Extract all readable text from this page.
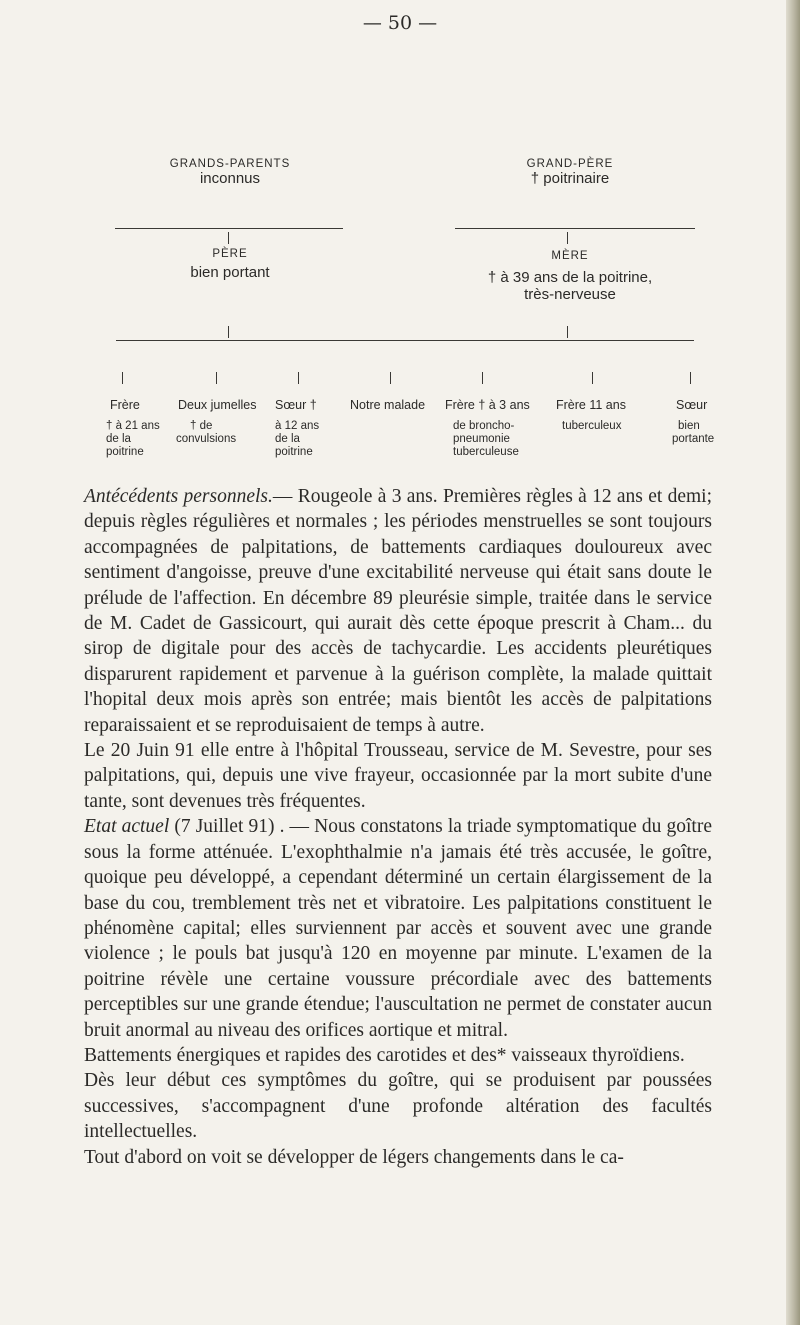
— 50 —
GRANDS-PARENTS
inconnus
GRAND-PÈRE
† poitrinaire
PÈRE
bien portant
MÈRE
† à 39 ans de la poitrine,
très-nerveuse
Frère
† à 21 ans
de la
poitrine
Deux jumelles
† de
convulsions
Sœur †
à 12 ans
de la
poitrine
Notre malade	Frère † à 3 ans
de broncho-
pneumonie
tuberculeuse
Frère 11 ans
tuberculeux
Sœur
bien
portante

Antécédents personnels.— Rougeole à 3 ans. Premières règles à 12 ans et demi; depuis règles régulières et normales ; les périodes menstruelles se sont toujours accompagnées de palpitations, de battements cardiaques douloureux avec sentiment d'angoisse, preuve d'une excitabilité nerveuse qui était sans doute le prélude de l'affection. En décembre 89 pleurésie simple, traitée dans le service de M. Cadet de Gassicourt, qui aurait dès cette époque prescrit à Cham... du sirop de digitale pour des accès de tachycardie. Les accidents pleurétiques disparurent rapidement et parvenue à la guérison complète, la malade quittait l'hopital deux mois après son entrée; mais bientôt les accès de palpitations reparaissaient et se reproduisaient de temps à autre.

Le 20 Juin 91 elle entre à l'hôpital Trousseau, service de M. Sevestre, pour ses palpitations, qui, depuis une vive frayeur, occasionnée par la mort subite d'une tante, sont devenues très fréquentes.

Etat actuel (7 Juillet 91) . — Nous constatons la triade symptomatique du goître sous la forme atténuée. L'exophthalmie n'a jamais été très accusée, le goître, quoique peu développé, a cependant déterminé un certain élargissement de la base du cou, tremblement très net et vibratoire. Les palpitations constituent le phénomène capital; elles surviennent par accès et souvent avec une grande violence ; le pouls bat jusqu'à 120 en moyenne par minute. L'examen de la poitrine révèle une certaine voussure précordiale avec des battements perceptibles sur une grande étendue; l'auscultation ne permet de constater aucun bruit anormal au niveau des orifices aortique et mitral.

Battements énergiques et rapides des carotides et des* vaisseaux thyroïdiens.

Dès leur début ces symptômes du goître, qui se produisent par poussées successives, s'accompagnent d'une profonde altération des facultés intellectuelles.

Tout d'abord on voit se développer de légers changements dans le ca-
